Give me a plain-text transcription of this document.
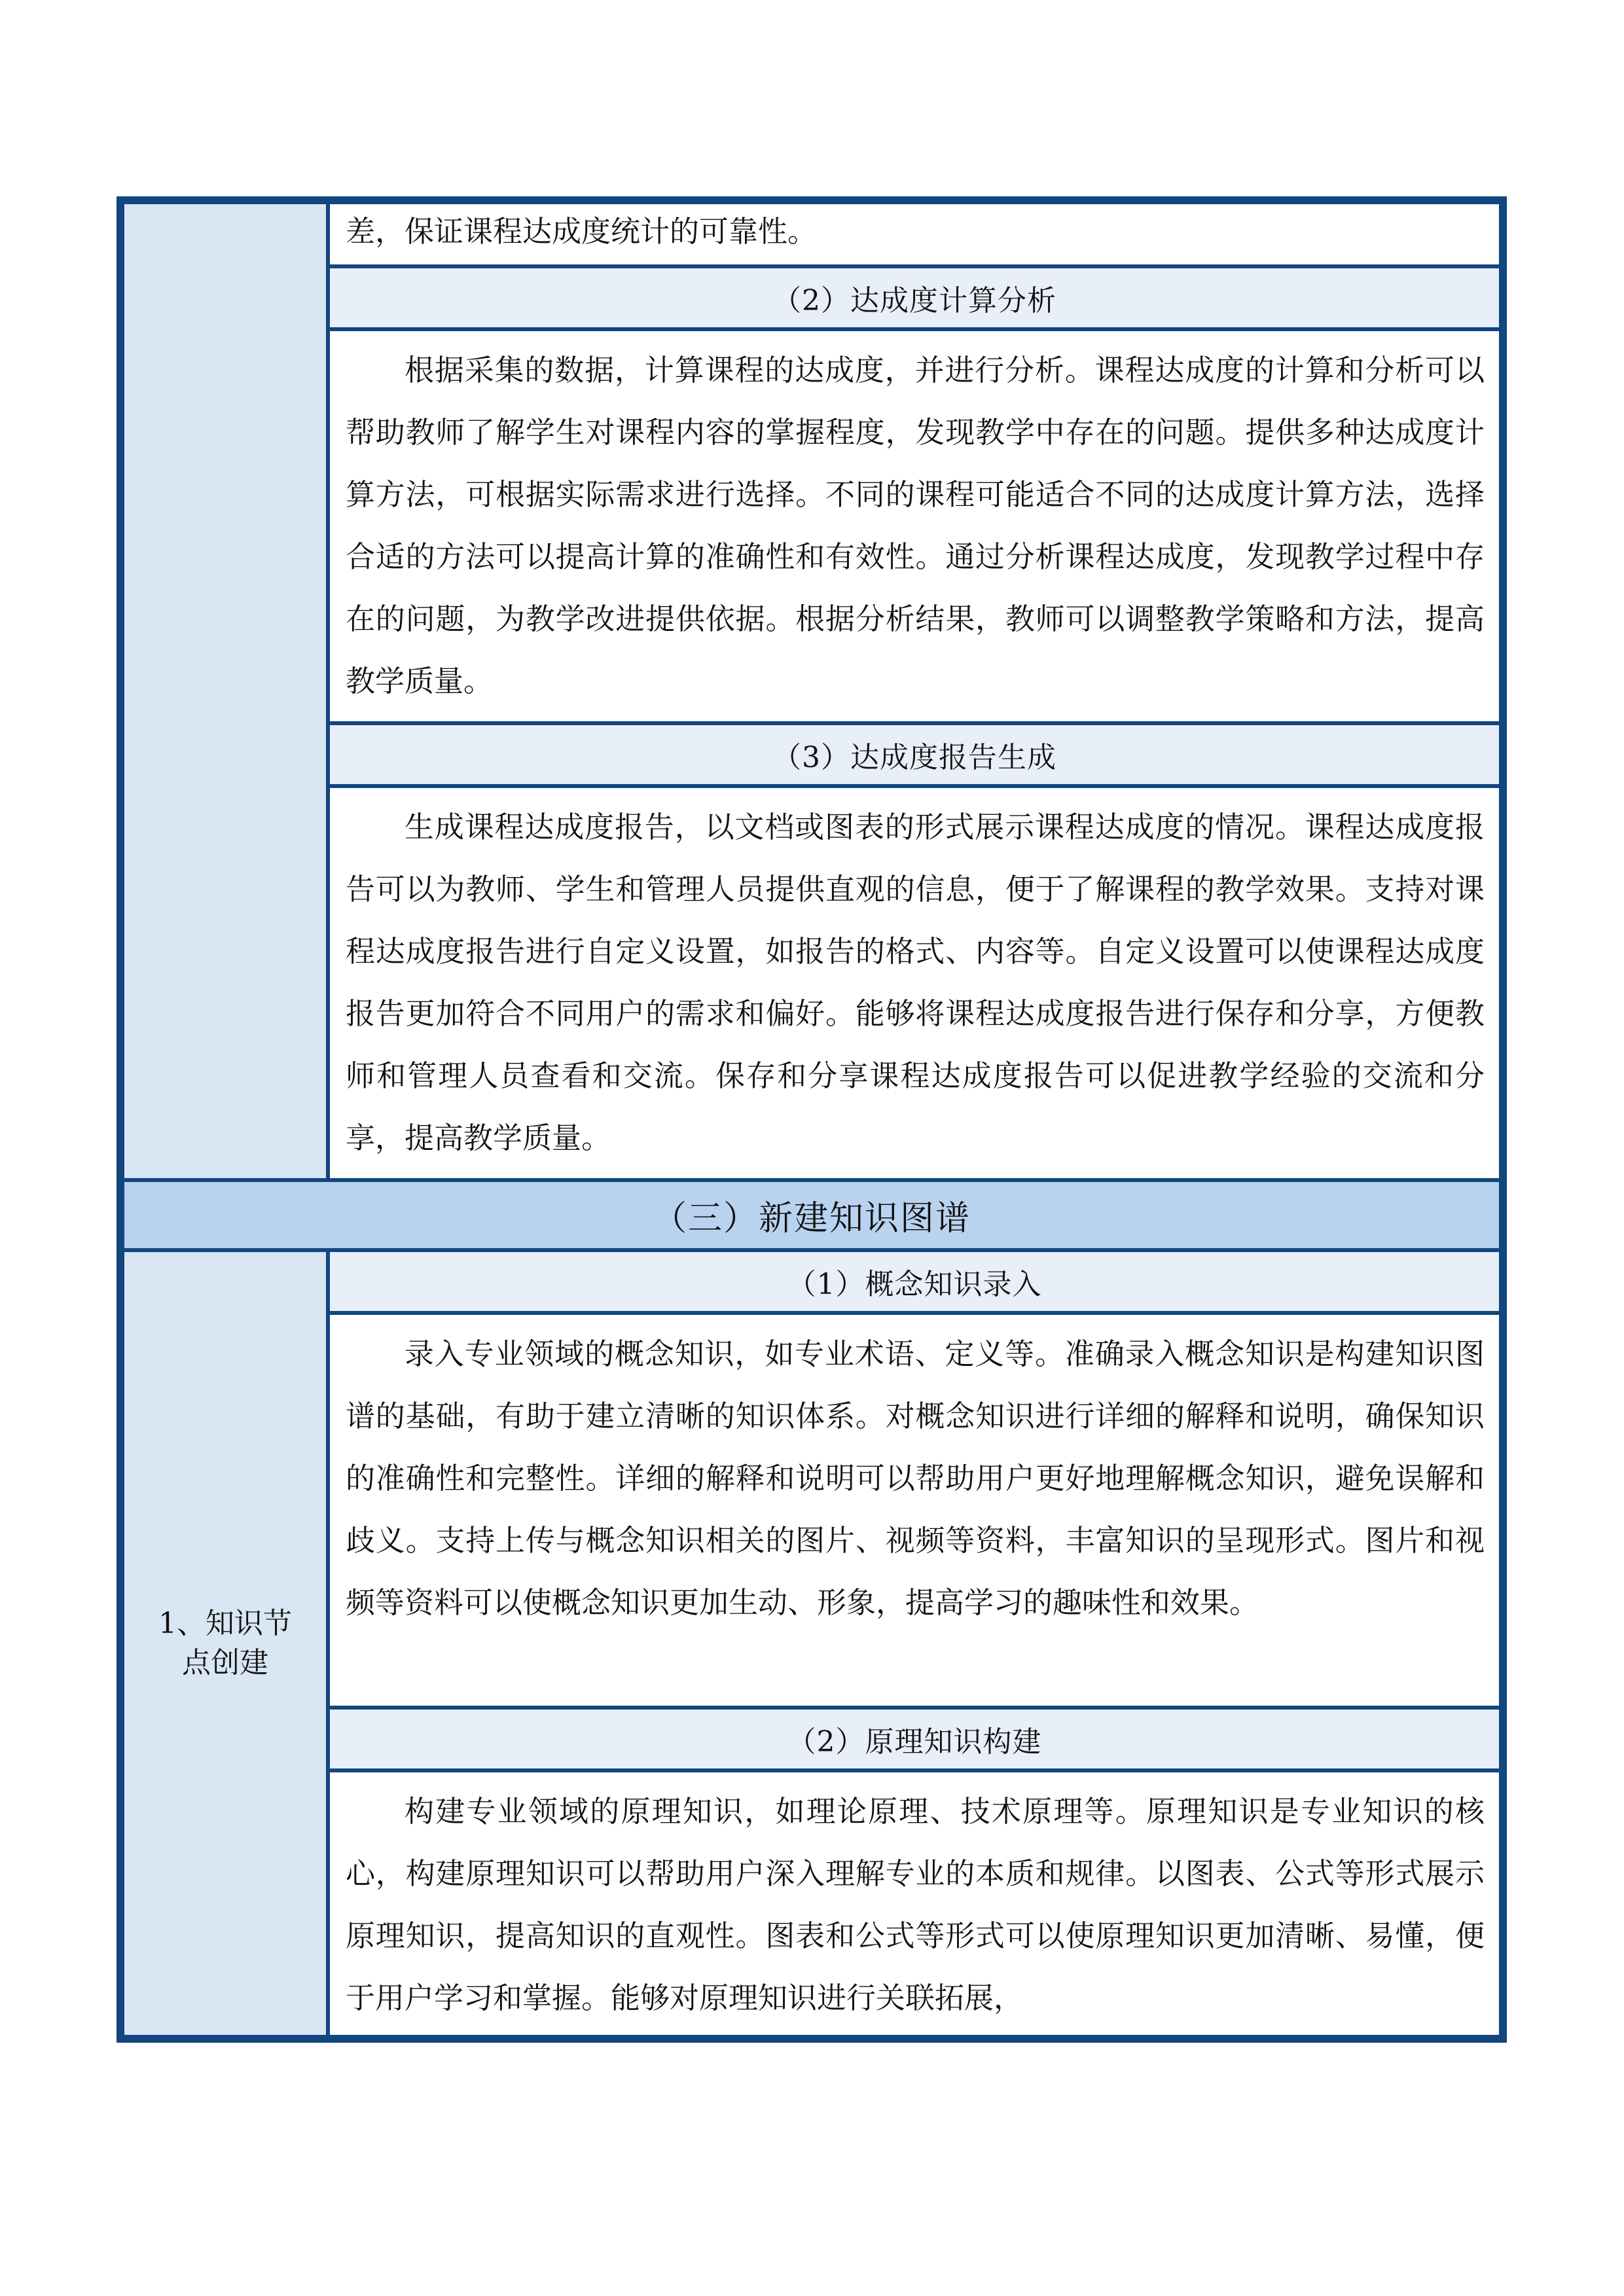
差，保证课程达成度统计的可靠性。

（2）达成度计算分析

根据采集的数据，计算课程的达成度，并进行分析。课程达成度的计算和分析可以帮助教师了解学生对课程内容的掌握程度，发现教学中存在的问题。提供多种达成度计算方法，可根据实际需求进行选择。不同的课程可能适合不同的达成度计算方法，选择合适的方法可以提高计算的准确性和有效性。通过分析课程达成度，发现教学过程中存在的问题，为教学改进提供依据。根据分析结果，教师可以调整教学策略和方法，提高教学质量。

（3）达成度报告生成

生成课程达成度报告，以文档或图表的形式展示课程达成度的情况。课程达成度报告可以为教师、学生和管理人员提供直观的信息，便于了解课程的教学效果。支持对课程达成度报告进行自定义设置，如报告的格式、内容等。自定义设置可以使课程达成度报告更加符合不同用户的需求和偏好。能够将课程达成度报告进行保存和分享，方便教师和管理人员查看和交流。保存和分享课程达成度报告可以促进教学经验的交流和分享，提高教学质量。

（三）新建知识图谱
1、知识节点创建
（1）概念知识录入

录入专业领域的概念知识，如专业术语、定义等。准确录入概念知识是构建知识图谱的基础，有助于建立清晰的知识体系。对概念知识进行详细的解释和说明，确保知识的准确性和完整性。详细的解释和说明可以帮助用户更好地理解概念知识，避免误解和歧义。支持上传与概念知识相关的图片、视频等资料，丰富知识的呈现形式。图片和视频等资料可以使概念知识更加生动、形象，提高学习的趣味性和效果。

（2）原理知识构建

构建专业领域的原理知识，如理论原理、技术原理等。原理知识是专业知识的核心，构建原理知识可以帮助用户深入理解专业的本质和规律。以图表、公式等形式展示原理知识，提高知识的直观性。图表和公式等形式可以使原理知识更加清晰、易懂，便于用户学习和掌握。能够对原理知识进行关联拓展，
